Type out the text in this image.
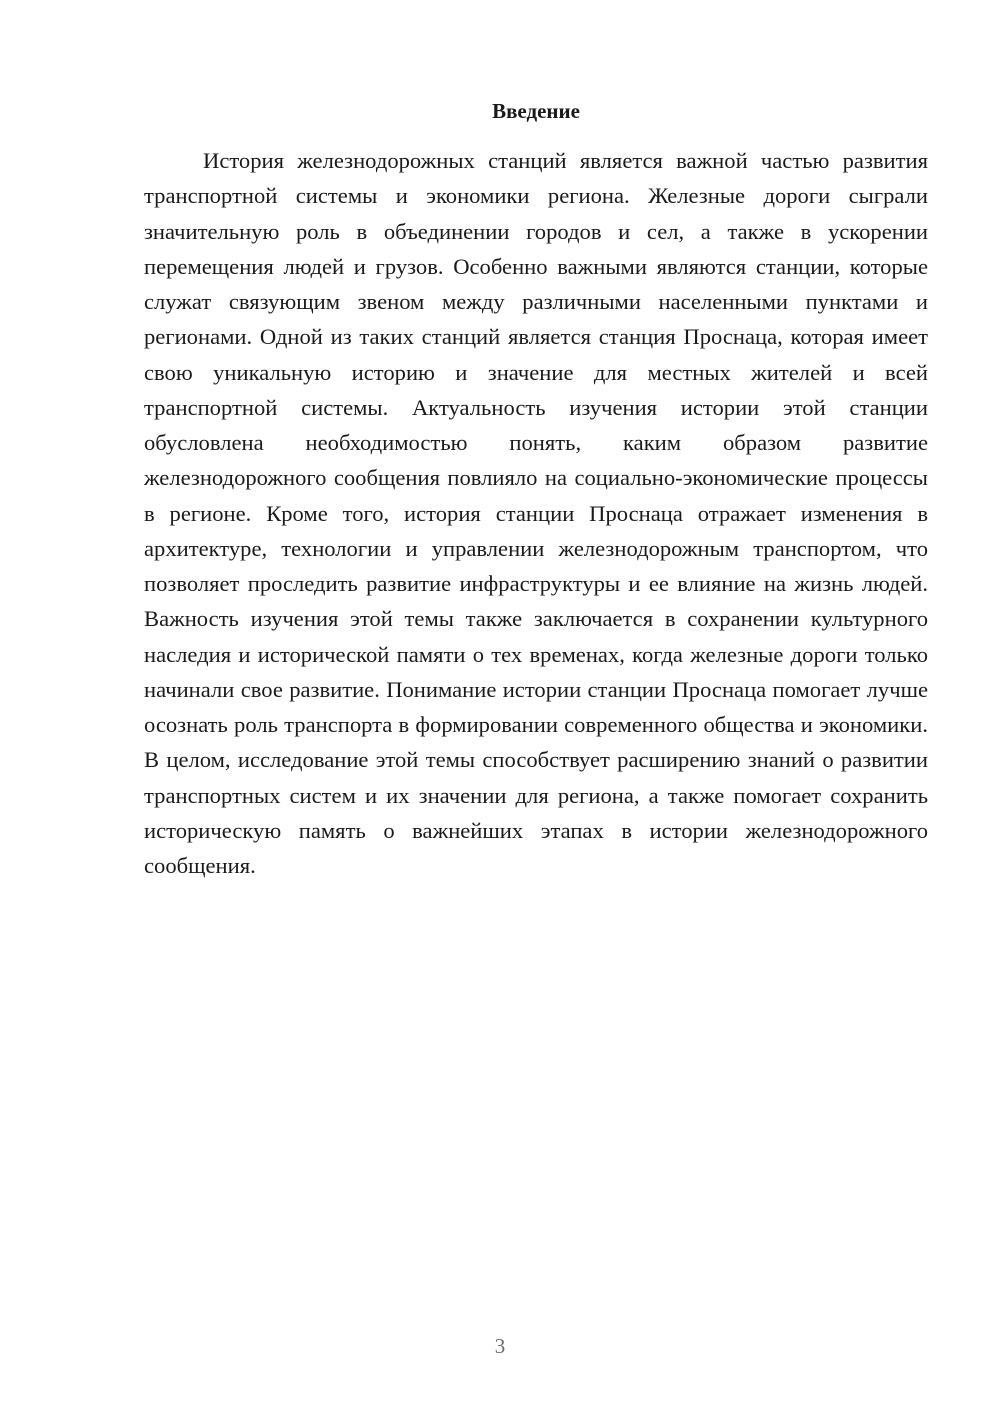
Введение

История железнодорожных станций является важной частью развития транспортной системы и экономики региона. Железные дороги сыграли значительную роль в объединении городов и сел, а также в ускорении перемещения людей и грузов. Особенно важными являются станции, которые служат связующим звеном между различными населенными пунктами и регионами. Одной из таких станций является станция Проснаца, которая имеет свою уникальную историю и значение для местных жителей и всей транспортной системы. Актуальность изучения истории этой станции обусловлена необходимостью понять, каким образом развитие железнодорожного сообщения повлияло на социально-экономические процессы в регионе. Кроме того, история станции Проснаца отражает изменения в архитектуре, технологии и управлении железнодорожным транспортом, что позволяет проследить развитие инфраструктуры и ее влияние на жизнь людей. Важность изучения этой темы также заключается в сохранении культурного наследия и исторической памяти о тех временах, когда железные дороги только начинали свое развитие. Понимание истории станции Проснаца помогает лучше осознать роль транспорта в формировании современного общества и экономики. В целом, исследование этой темы способствует расширению знаний о развитии транспортных систем и их значении для региона, а также помогает сохранить историческую память о важнейших этапах в истории железнодорожного сообщения.

3
